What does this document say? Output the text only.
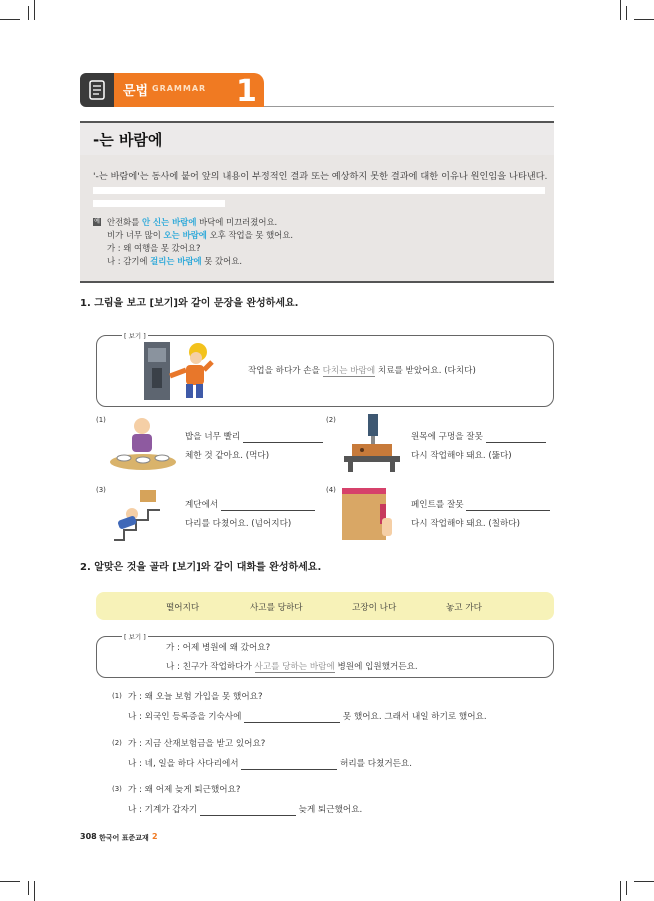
문법 GRAMMAR 1
-는 바람에
'-는 바람에'는 동사에 붙어 앞의 내용이 부정적인 결과 또는 예상하지 못한 결과에 대한 이유나 원인임을 나타낸다.
예 안전화를 안 신는 바람에 바닥에 미끄러졌어요.
비가 너무 많이 오는 바람에 오후 작업을 못 했어요.
가 : 왜 여행을 못 갔어요?
나 : 감기에 걸리는 바람에 못 갔어요.
1. 그림을 보고 [보기]와 같이 문장을 완성하세요.
[ 보기 ]
작업을 하다가 손을 다치는 바람에 치료를 받았어요. (다치다)
(1)
밥을 너무 빨리
체한 것 같아요. (먹다)
(2)
원목에 구멍을 잘못
다시 작업해야 돼요. (뚫다)
(3)
계단에서
다리를 다쳤어요. (넘어지다)
(4)
페인트를 잘못
다시 작업해야 돼요. (칠하다)
2. 알맞은 것을 골라 [보기]와 같이 대화를 완성하세요.
떨어지다	사고를 당하다	고장이 나다	놓고 가다
[ 보기 ]
가 : 어제 병원에 왜 갔어요?
나 : 친구가 작업하다가 사고를 당하는 바람에 병원에 입원했거든요.
(1) 가 : 왜 오늘 보험 가입을 못 했어요?
나 : 외국인 등록증을 기숙사에	못 했어요. 그래서 내일 하기로 했어요.
(2) 가 : 지금 산재보험금을 받고 있어요?
나 : 네, 일을 하다 사다리에서	허리를 다쳤거든요.
(3) 가 : 왜 어제 늦게 퇴근했어요?
나 : 기계가 갑자기	늦게 퇴근했어요.
308 한국어 표준교재 2
